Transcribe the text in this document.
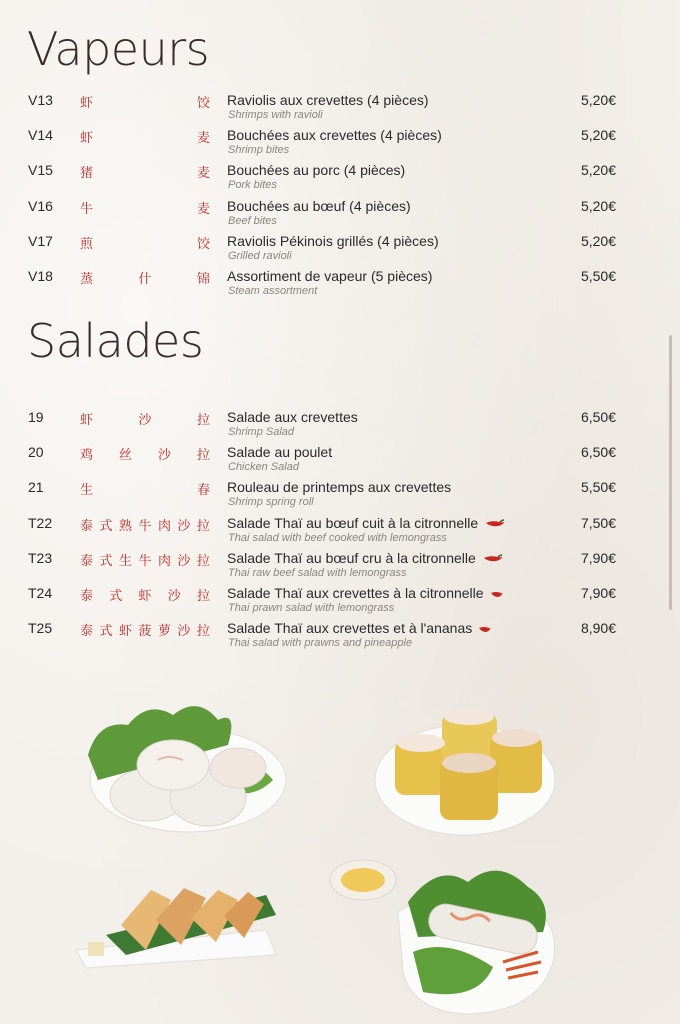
Vapeurs
V13 虾	饺 Raviolis aux crevettes (4 pièces)
Shrimps with ravioli
5,20€
V14 虾	麦 Bouchées aux crevettes (4 pièces)
Shrimp bites
5,20€
V15 猪	麦 Bouchées au porc (4 pièces)
Pork bites
5,20€
V16 牛	麦 Bouchées au bœuf (4 pièces)
Beef bites
5,20€
V17 煎	饺 Raviolis Pékinois grillés (4 pièces)
Grilled ravioli
5,20€
V18 蒸	什	锦 Assortiment de vapeur (5 pièces)
Steam assortment
5,50€
Salades
19	虾	沙	拉 Salade aux crevettes
Shrimp Salad
6,50€
20	鸡 丝 沙 拉 Salade au poulet
Chicken Salad
6,50€
21	生	春 Rouleau de printemps aux crevettes
Shrimp spring roll
5,50€
T22 泰 式 熟 牛 肉 沙 拉 Salade Thaï au bœuf cuit à la citronnelle
Thai salad with beef cooked with lemongrass
7,50€
T23 泰 式 生 牛 肉 沙 拉 Salade Thaï au bœuf cru à la citronnelle
Thai raw beef salad with lemongrass
7,90€
T24 泰 式 虾 沙 拉 Salade Thaï aux crevettes à la citronnelle
Thai prawn salad with lemongrass
7,90€
T25 泰 式 虾 菠 萝 沙 拉 Salade Thaï aux crevettes et à l'ananas
Thai salad with prawns and pineapple
8,90€
